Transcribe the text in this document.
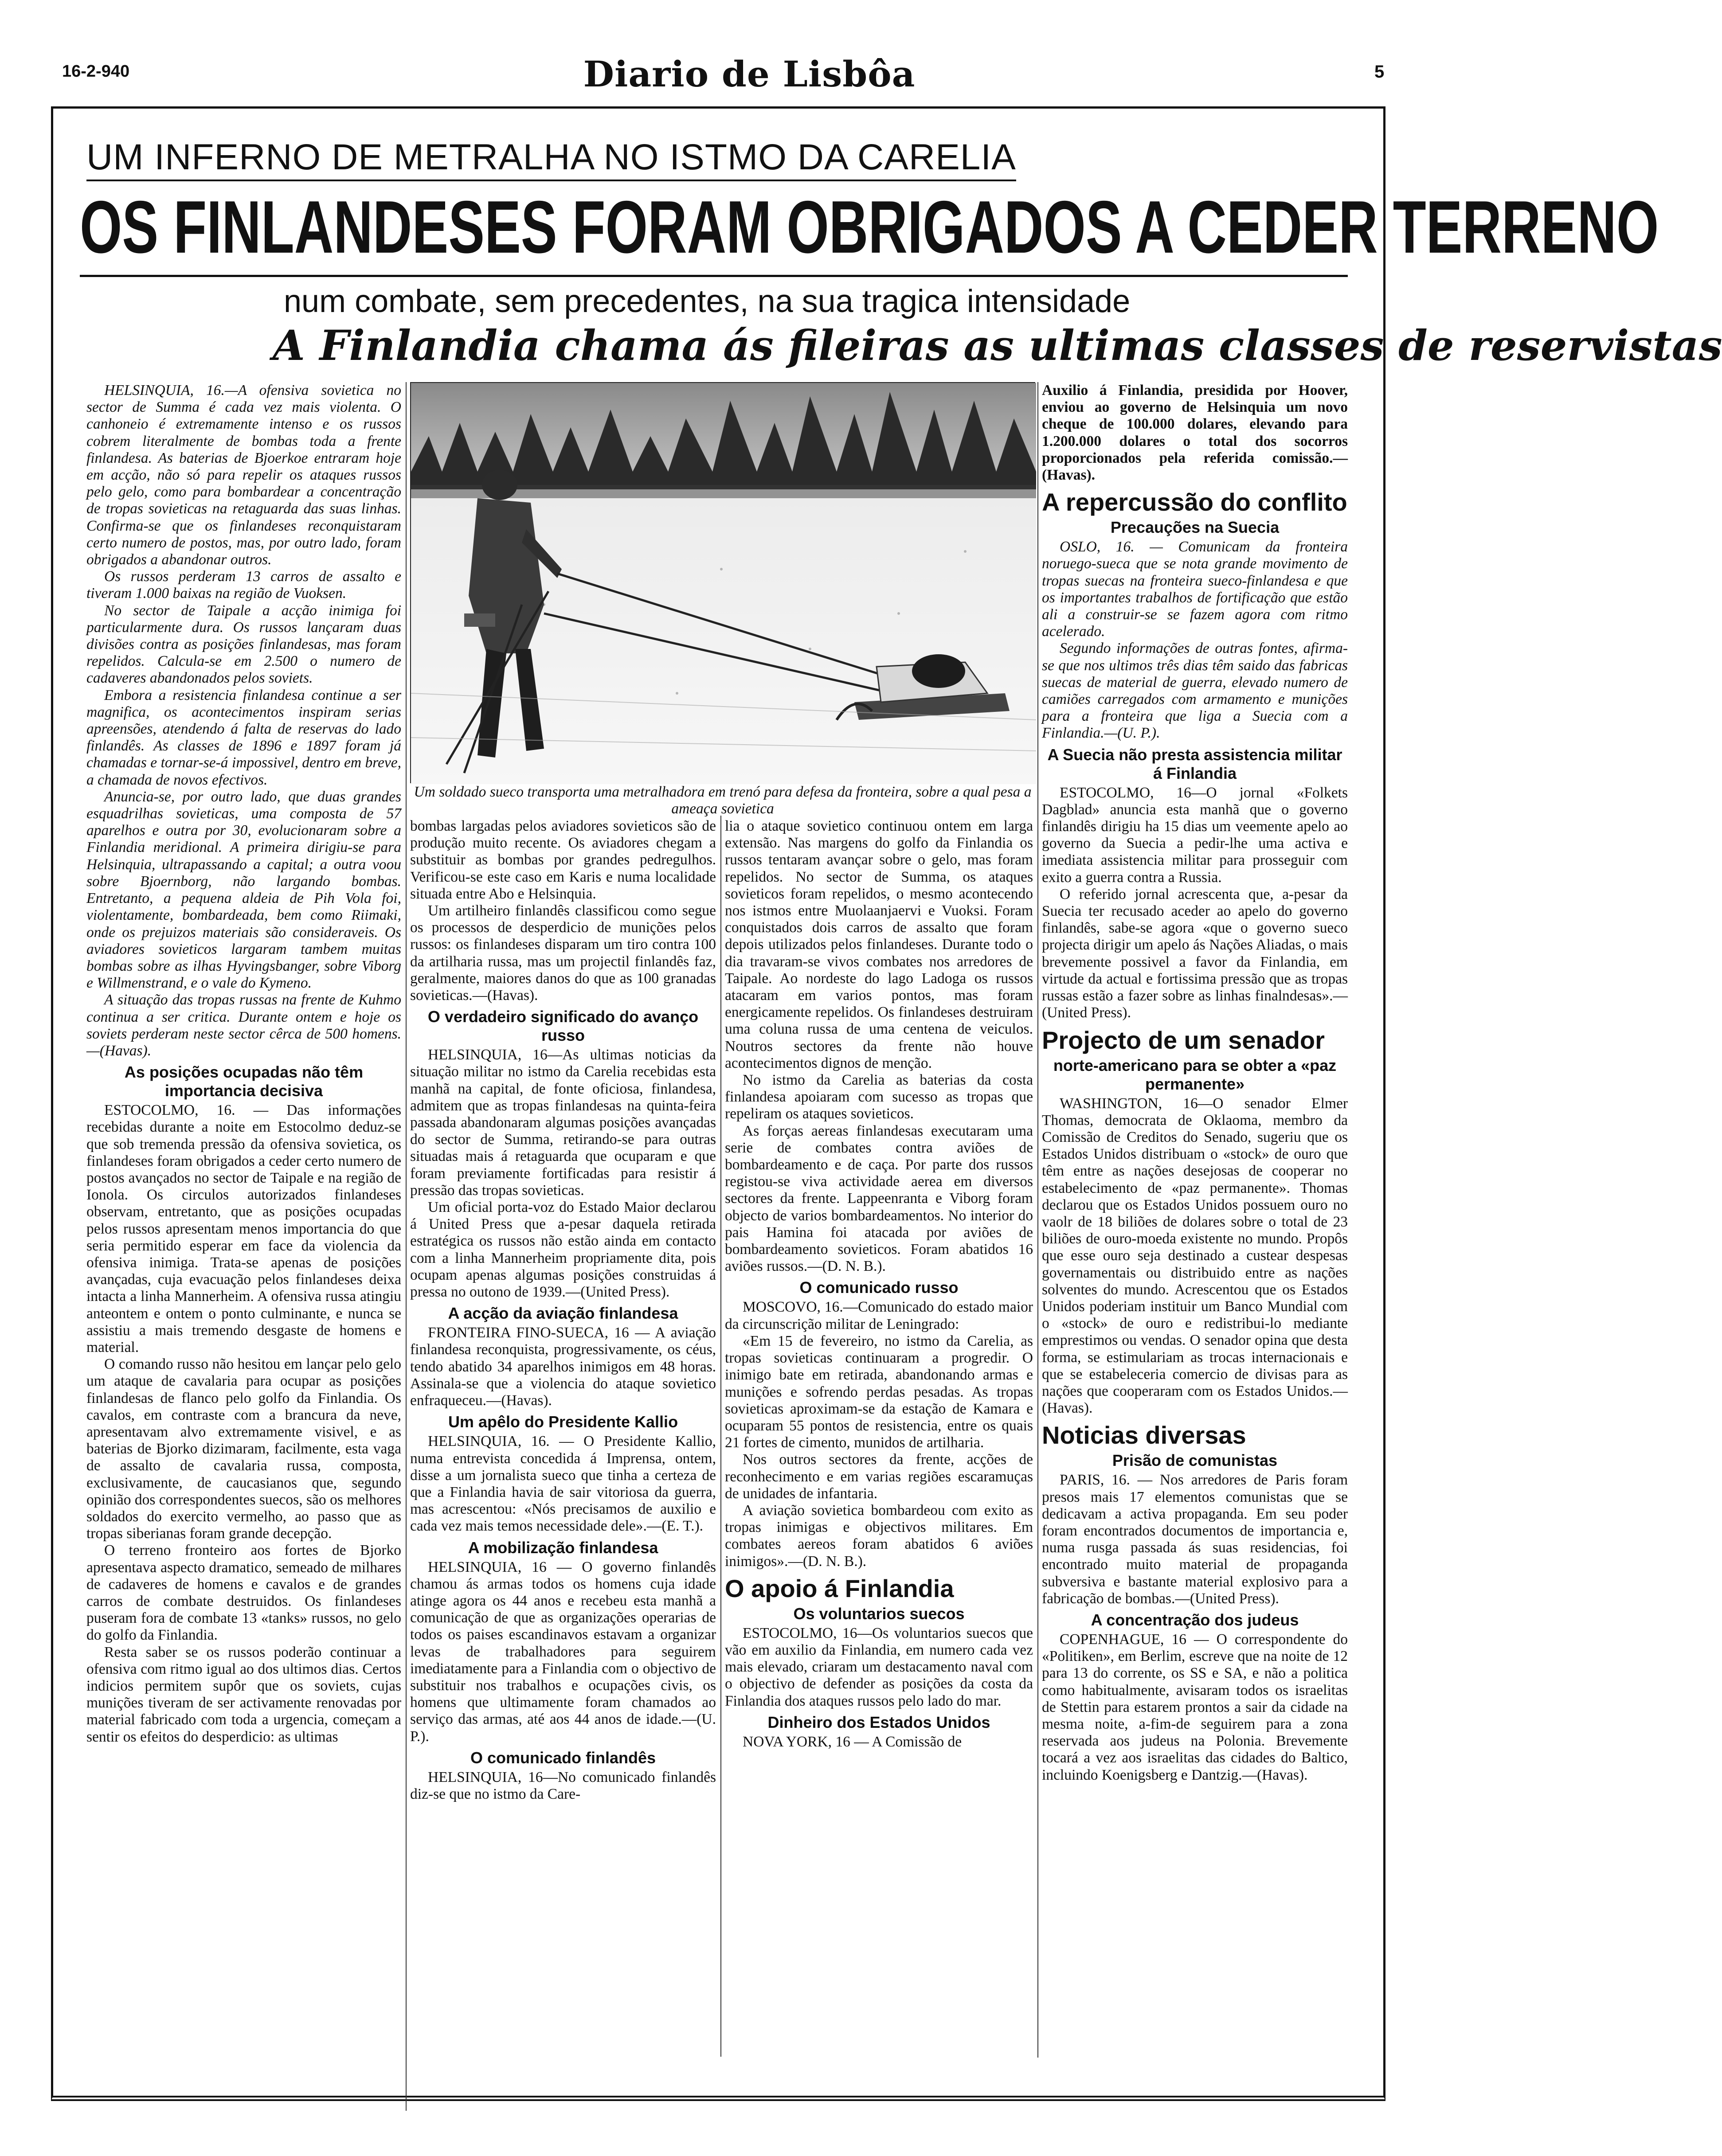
16-2-940	Diario de Lisbôa	5
UM INFERNO DE METRALHA NO ISTMO DA CARELIA
OS FINLANDESES FORAM OBRIGADOS A CEDER TERRENO
num combate, sem precedentes, na sua tragica intensidade
A Finlandia chama ás fileiras as ultimas classes de reservistas
Um soldado sueco transporta uma metralhadora em trenó para defesa da fronteira, sobre a qual pesa a ameaça sovietica

HELSINQUIA, 16.—A ofensiva sovietica no sector de Summa é cada vez mais violenta. O canhoneio é extremamente intenso e os russos cobrem literalmente de bombas toda a frente finlandesa. As baterias de Bjoerkoe entraram hoje em acção, não só para repelir os ataques russos pelo gelo, como para bombardear a concentração de tropas sovieticas na retaguarda das suas linhas. Confirma-se que os finlandeses reconquistaram certo numero de postos, mas, por outro lado, foram obrigados a abandonar outros.

Os russos perderam 13 carros de assalto e tiveram 1.000 baixas na região de Vuoksen.

No sector de Taipale a acção inimiga foi particularmente dura. Os russos lançaram duas divisões contra as posições finlandesas, mas foram repelidos. Calcula-se em 2.500 o numero de cadaveres abandonados pelos soviets.

Embora a resistencia finlandesa continue a ser magnifica, os acontecimentos inspiram serias apreensões, atendendo á falta de reservas do lado finlandês. As classes de 1896 e 1897 foram já chamadas e tornar-se-á impossivel, dentro em breve, a chamada de novos efectivos.

Anuncia-se, por outro lado, que duas grandes esquadrilhas sovieticas, uma composta de 57 aparelhos e outra por 30, evolucionaram sobre a Finlandia meridional. A primeira dirigiu-se para Helsinquia, ultrapassando a capital; a outra voou sobre Bjoernborg, não largando bombas. Entretanto, a pequena aldeia de Pih Vola foi, violentamente, bombardeada, bem como Riimaki, onde os prejuizos materiais são consideraveis. Os aviadores sovieticos largaram tambem muitas bombas sobre as ilhas Hyvingsbanger, sobre Viborg e Willmenstrand, e o vale do Kymeno.

A situação das tropas russas na frente de Kuhmo continua a ser critica. Durante ontem e hoje os soviets perderam neste sector cêrca de 500 homens.—(Havas).

As posições ocupadas não têm importancia decisiva

ESTOCOLMO, 16. — Das informações recebidas durante a noite em Estocolmo deduz-se que sob tremenda pressão da ofensiva sovietica, os finlandeses foram obrigados a ceder certo numero de postos avançados no sector de Taipale e na região de Ionola. Os circulos autorizados finlandeses observam, entretanto, que as posições ocupadas pelos russos apresentam menos importancia do que seria permitido esperar em face da violencia da ofensiva inimiga. Trata-se apenas de posições avançadas, cuja evacuação pelos finlandeses deixa intacta a linha Mannerheim. A ofensiva russa atingiu anteontem e ontem o ponto culminante, e nunca se assistiu a mais tremendo desgaste de homens e material.

O comando russo não hesitou em lançar pelo gelo um ataque de cavalaria para ocupar as posições finlandesas de flanco pelo golfo da Finlandia. Os cavalos, em contraste com a brancura da neve, apresentavam alvo extremamente visivel, e as baterias de Bjorko dizimaram, facilmente, esta vaga de assalto de cavalaria russa, composta, exclusivamente, de caucasianos que, segundo opinião dos correspondentes suecos, são os melhores soldados do exercito vermelho, ao passo que as tropas siberianas foram grande decepção.

O terreno fronteiro aos fortes de Bjorko apresentava aspecto dramatico, semeado de milhares de cadaveres de homens e cavalos e de grandes carros de combate destruidos. Os finlandeses puseram fora de combate 13 «tanks» russos, no gelo do golfo da Finlandia.

Resta saber se os russos poderão continuar a ofensiva com ritmo igual ao dos ultimos dias. Certos indicios permitem supôr que os soviets, cujas munições tiveram de ser activamente renovadas por material fabricado com toda a urgencia, começam a sentir os efeitos do desperdicio: as ultimas

bombas largadas pelos aviadores sovieticos são de produção muito recente. Os aviadores chegam a substituir as bombas por grandes pedregulhos. Verificou-se este caso em Karis e numa localidade situada entre Abo e Helsinquia.

Um artilheiro finlandês classificou como segue os processos de desperdicio de munições pelos russos: os finlandeses disparam um tiro contra 100 da artilharia russa, mas um projectil finlandês faz, geralmente, maiores danos do que as 100 granadas sovieticas.—(Havas).

O verdadeiro significado do avanço russo

HELSINQUIA, 16—As ultimas noticias da situação militar no istmo da Carelia recebidas esta manhã na capital, de fonte oficiosa, finlandesa, admitem que as tropas finlandesas na quinta-feira passada abandonaram algumas posições avançadas do sector de Summa, retirando-se para outras situadas mais á retaguarda que ocuparam e que foram previamente fortificadas para resistir á pressão das tropas sovieticas.

Um oficial porta-voz do Estado Maior declarou á United Press que a-pesar daquela retirada estratégica os russos não estão ainda em contacto com a linha Mannerheim propriamente dita, pois ocupam apenas algumas posições construidas á pressa no outono de 1939.—(United Press).

A acção da aviação finlandesa

FRONTEIRA FINO-SUECA, 16 — A aviação finlandesa reconquista, progressivamente, os céus, tendo abatido 34 aparelhos inimigos em 48 horas. Assinala-se que a violencia do ataque sovietico enfraqueceu.—(Havas).

Um apêlo do Presidente Kallio

HELSINQUIA, 16. — O Presidente Kallio, numa entrevista concedida á Imprensa, ontem, disse a um jornalista sueco que tinha a certeza de que a Finlandia havia de sair vitoriosa da guerra, mas acrescentou: «Nós precisamos de auxilio e cada vez mais temos necessidade dele».—(E. T.).

A mobilização finlandesa

HELSINQUIA, 16 — O governo finlandês chamou ás armas todos os homens cuja idade atinge agora os 44 anos e recebeu esta manhã a comunicação de que as organizações operarias de todos os paises escandinavos estavam a organizar levas de trabalhadores para seguirem imediatamente para a Finlandia com o objectivo de substituir nos trabalhos e ocupações civis, os homens que ultimamente foram chamados ao serviço das armas, até aos 44 anos de idade.—(U. P.).

O comunicado finlandês

HELSINQUIA, 16—No comunicado finlandês diz-se que no istmo da Care-

lia o ataque sovietico continuou ontem em larga extensão. Nas margens do golfo da Finlandia os russos tentaram avançar sobre o gelo, mas foram repelidos. No sector de Summa, os ataques sovieticos foram repelidos, o mesmo acontecendo nos istmos entre Muolaanjaervi e Vuoksi. Foram conquistados dois carros de assalto que foram depois utilizados pelos finlandeses. Durante todo o dia travaram-se vivos combates nos arredores de Taipale. Ao nordeste do lago Ladoga os russos atacaram em varios pontos, mas foram energicamente repelidos. Os finlandeses destruiram uma coluna russa de uma centena de veiculos. Noutros sectores da frente não houve acontecimentos dignos de menção.

No istmo da Carelia as baterias da costa finlandesa apoiaram com sucesso as tropas que repeliram os ataques sovieticos.

As forças aereas finlandesas executaram uma serie de combates contra aviões de bombardeamento e de caça. Por parte dos russos registou-se viva actividade aerea em diversos sectores da frente. Lappeenranta e Viborg foram objecto de varios bombardeamentos. No interior do pais Hamina foi atacada por aviões de bombardeamento sovieticos. Foram abatidos 16 aviões russos.—(D. N. B.).

O comunicado russo

MOSCOVO, 16.—Comunicado do estado maior da circunscrição militar de Leningrado:

«Em 15 de fevereiro, no istmo da Carelia, as tropas sovieticas continuaram a progredir. O inimigo bate em retirada, abandonando armas e munições e sofrendo perdas pesadas. As tropas sovieticas aproximam-se da estação de Kamara e ocuparam 55 pontos de resistencia, entre os quais 21 fortes de cimento, munidos de artilharia.

Nos outros sectores da frente, acções de reconhecimento e em varias regiões escaramuças de unidades de infantaria.

A aviação sovietica bombardeou com exito as tropas inimigas e objectivos militares. Em combates aereos foram abatidos 6 aviões inimigos».—(D. N. B.).

O apoio á Finlandia
Os voluntarios suecos

ESTOCOLMO, 16—Os voluntarios suecos que vão em auxilio da Finlandia, em numero cada vez mais elevado, criaram um destacamento naval com o objectivo de defender as posições da costa da Finlandia dos ataques russos pelo lado do mar.

Dinheiro dos Estados Unidos

NOVA YORK, 16 — A Comissão de

Auxilio á Finlandia, presidida por Hoover, enviou ao governo de Helsinquia um novo cheque de 100.000 dolares, elevando para 1.200.000 dolares o total dos socorros proporcionados pela referida comissão.—(Havas).

A repercussão do conflito
Precauções na Suecia

OSLO, 16. — Comunicam da fronteira noruego-sueca que se nota grande movimento de tropas suecas na fronteira sueco-finlandesa e que os importantes trabalhos de fortificação que estão ali a construir-se se fazem agora com ritmo acelerado.

Segundo informações de outras fontes, afirma-se que nos ultimos três dias têm saido das fabricas suecas de material de guerra, elevado numero de camiões carregados com armamento e munições para a fronteira que liga a Suecia com a Finlandia.—(U. P.).

A Suecia não presta assistencia militar á Finlandia

ESTOCOLMO, 16—O jornal «Folkets Dagblad» anuncia esta manhã que o governo finlandês dirigiu ha 15 dias um veemente apelo ao governo da Suecia a pedir-lhe uma activa e imediata assistencia militar para prosseguir com exito a guerra contra a Russia.

O referido jornal acrescenta que, a-pesar da Suecia ter recusado aceder ao apelo do governo finlandês, sabe-se agora «que o governo sueco projecta dirigir um apelo ás Nações Aliadas, o mais brevemente possivel a favor da Finlandia, em virtude da actual e fortissima pressão que as tropas russas estão a fazer sobre as linhas finalndesas».—(United Press).

Projecto de um senador
norte-americano para se obter a «paz permanente»

WASHINGTON, 16—O senador Elmer Thomas, democrata de Oklaoma, membro da Comissão de Creditos do Senado, sugeriu que os Estados Unidos distribuam o «stock» de ouro que têm entre as nações desejosas de cooperar no estabelecimento de «paz permanente». Thomas declarou que os Estados Unidos possuem ouro no vaolr de 18 biliões de dolares sobre o total de 23 biliões de ouro-moeda existente no mundo. Propôs que esse ouro seja destinado a custear despesas governamentais ou distribuido entre as nações solventes do mundo. Acrescentou que os Estados Unidos poderiam instituir um Banco Mundial com o «stock» de ouro e redistribui-lo mediante emprestimos ou vendas. O senador opina que desta forma, se estimulariam as trocas internacionais e que se estabeleceria comercio de divisas para as nações que cooperaram com os Estados Unidos.—(Havas).

Noticias diversas
Prisão de comunistas

PARIS, 16. — Nos arredores de Paris foram presos mais 17 elementos comunistas que se dedicavam a activa propaganda. Em seu poder foram encontrados documentos de importancia e, numa rusga passada ás suas residencias, foi encontrado muito material de propaganda subversiva e bastante material explosivo para a fabricação de bombas.—(United Press).

A concentração dos judeus

COPENHAGUE, 16 — O correspondente do «Politiken», em Berlim, escreve que na noite de 12 para 13 do corrente, os SS e SA, e não a politica como habitualmente, avisaram todos os israelitas de Stettin para estarem prontos a sair da cidade na mesma noite, a-fim-de seguirem para a zona reservada aos judeus na Polonia. Brevemente tocará a vez aos israelitas das cidades do Baltico, incluindo Koenigsberg e Dantzig.—(Havas).
